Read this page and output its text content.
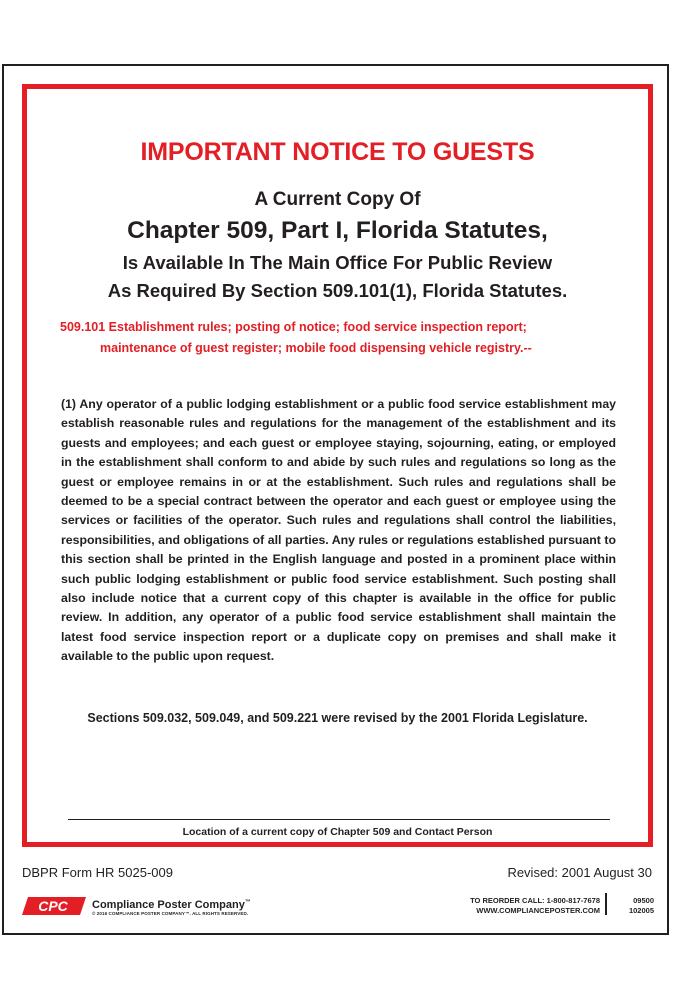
IMPORTANT NOTICE TO GUESTS
A Current Copy Of
Chapter 509, Part I, Florida Statutes,
Is Available In The Main Office For Public Review
As Required By Section 509.101(1), Florida Statutes.
509.101 Establishment rules; posting of notice; food service inspection report;
maintenance of guest register; mobile food dispensing vehicle registry.--

(1) Any operator of a public lodging establishment or a public food service establishment may establish reasonable rules and regulations for the management of the establishment and its guests and employees; and each guest or employee staying, sojourning, eating, or employed in the establishment shall conform to and abide by such rules and regulations so long as the guest or employee remains in or at the establishment. Such rules and regulations shall be deemed to be a special contract between the operator and each guest or employee using the services or facilities of the operator. Such rules and regulations shall control the liabilities, responsibilities, and obligations of all parties. Any rules or regulations established pursuant to this section shall be printed in the English language and posted in a prominent place within such public lodging establishment or public food service establishment. Such posting shall also include notice that a current copy of this chapter is available in the office for public review. In addition, any operator of a public food service establishment shall maintain the latest food service inspection report or a duplicate copy on premises and shall make it available to the public upon request.

Sections 509.032, 509.049, and 509.221 were revised by the 2001 Florida Legislature.
Location of a current copy of Chapter 509 and Contact Person
DBPR Form HR 5025-009	Revised: 2001 August 30
CPC Compliance Poster Company™
© 2016 COMPLIANCE POSTER COMPANY™. ALL RIGHTS RESERVED.
TO REORDER CALL: 1-800-817-7678
WWW.COMPLIANCEPOSTER.COM
09500
102005
